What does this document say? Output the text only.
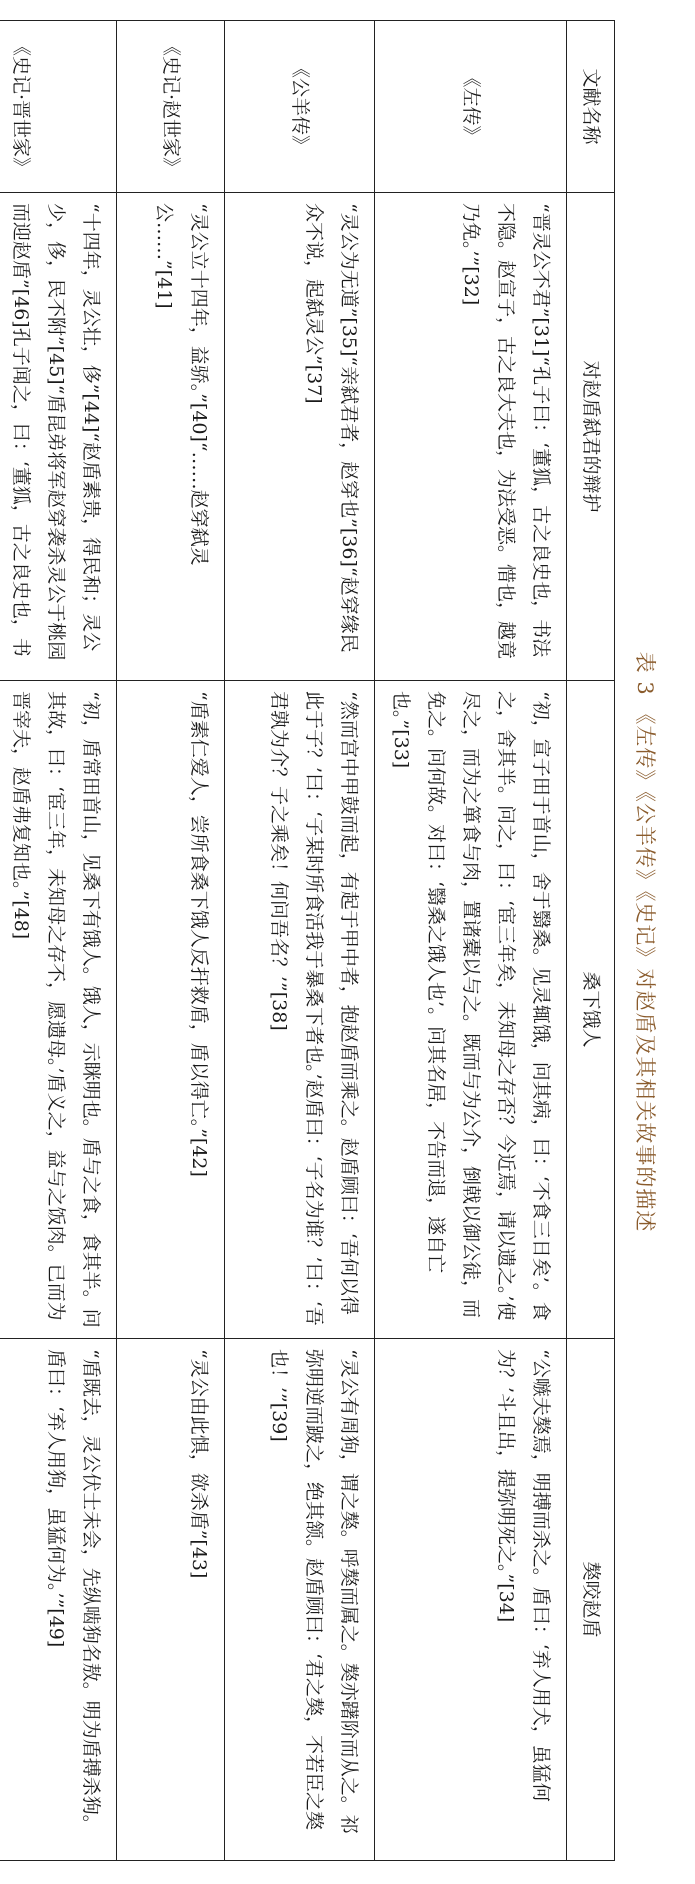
表 3 《左传》《公羊传》《史记》对赵盾及其相关故事的描述
文献名称	对赵盾弑君的辩护	桑下饿人	獒咬赵盾
《左传》	“晋灵公不君”[31]“孔子曰：‘董狐，古之良史也，书法不隐。赵宣子，古之良大夫也，为法受恶。惜也，越竟乃免。’”[32]	“初，宣子田于首山，舍于翳桑。见灵辄饿，问其病，曰：‘不食三日矣’。食之，舍其半。问之，曰：‘宦三年矣，未知母之存否？今近焉，请以遗之。’使尽之，而为之箪食与肉，置诸橐以与之。既而与为公介，倒戟以御公徒，而免之。问何故。对曰：‘翳桑之饿人也’。问其名居，不告而退，遂自亡也。”[33]	“公嗾夫獒焉，明搏而杀之。盾曰：‘弃人用犬，虽猛何为？’斗且出，提弥明死之。”[34]
《公羊传》	“灵公为无道”[35]“亲弑君者，赵穿也”[36]“赵穿缘民众不说，起弑灵公”[37]	“然而宫中甲鼓而起，有起于甲中者，抱赵盾而乘之。赵盾顾曰：‘吾何以得此于子？’曰：‘子某时所食活我于暴桑下者也。’赵盾曰：‘子名为谁？’曰：‘吾君孰为介？子之乘矣！何问吾名？’”[38]	“灵公有周狗，谓之獒。呼獒而属之。獒亦躇阶而从之。祁弥明逆而跛之，绝其颔。赵盾顾曰：‘君之獒，不若臣之獒也！’”[39]
《史记·赵世家》	“灵公立十四年，益骄。”[40]“……赵穿弑灵公……”[41]	“盾素仁爱人，尝所食桑下饿人反扞救盾，盾以得亡。”[42]	“灵公由此惧，欲杀盾”[43]
《史记·晋世家》	“十四年，灵公壮，侈”[44]“赵盾素贵，得民和；灵公少，侈，民不附”[45]“盾昆弟将军赵穿袭杀灵公于桃园而迎赵盾”[46]孔子闻之，曰：‘董狐，古之良史也，书	“初，盾常田首山，见桑下有饿人。饿人，示眯明也。盾与之食，食其半。问其故，曰：‘宦三年，未知母之存不，愿遗母。’盾义之，益与之饭肉。已而为晋宰夫，赵盾弗复知也。”[48]	“盾既去，灵公伏士未会，先纵啮狗名敖。明为盾搏杀狗。盾曰：‘弃人用狗，虽猛何为。’”[49]
